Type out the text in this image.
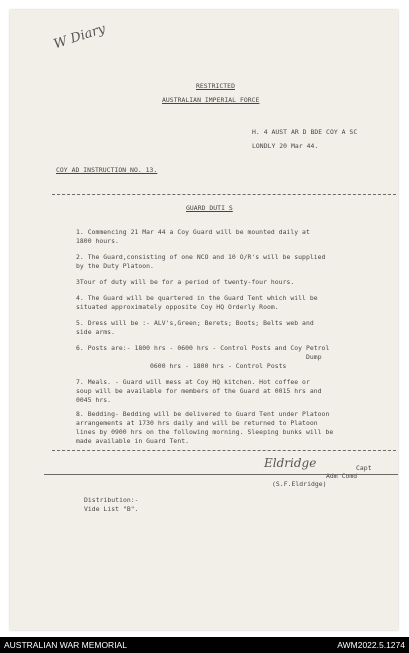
W Diary
RESTRICTED
AUSTRALIAN IMPERIAL FORCE
H. 4 AUST AR D BDE COY A SC
LONDLY 20 Mar 44.
COY AD INSTRUCTION NO. 13.
GUARD DUTI S
1. Commencing 21 Mar 44 a Coy Guard will be mounted daily at
1800 hours.
2. The Guard,consisting of one NCO and 10 O/R's will be supplied
by the Duty Platoon.
3Tour of duty will be for a period of twenty-four hours.
4. The Guard will be quartered in the Guard Tent which will be
situated approximately opposite Coy HQ Orderly Room.
5. Dress will be :- ALV's,Green; Berets; Boots; Belts web and
side arms.
6. Posts are:- 1800 hrs - 0600 hrs - Control Posts and Coy Petrol
Dump
0600 hrs - 1800 hrs - Control Posts
7. Meals. - Guard will mess at Coy HQ kitchen. Hot coffee or
soup will be available for members of the Guard at 0015 hrs and
0045 hrs.
8. Bedding- Bedding will be delivered to Guard Tent under Platoon
arrangements at 1730 hrs daily and will be returned to Platoon
lines by 0900 hrs on the following morning. Sleeping bunks will be
made available in Guard Tent.
Eldridge	Capt
Adm Comd
(S.F.Eldridge)
Distribution:-
Vide List "B".
AUSTRALIAN WAR MEMORIAL	AWM2022.5.1274
